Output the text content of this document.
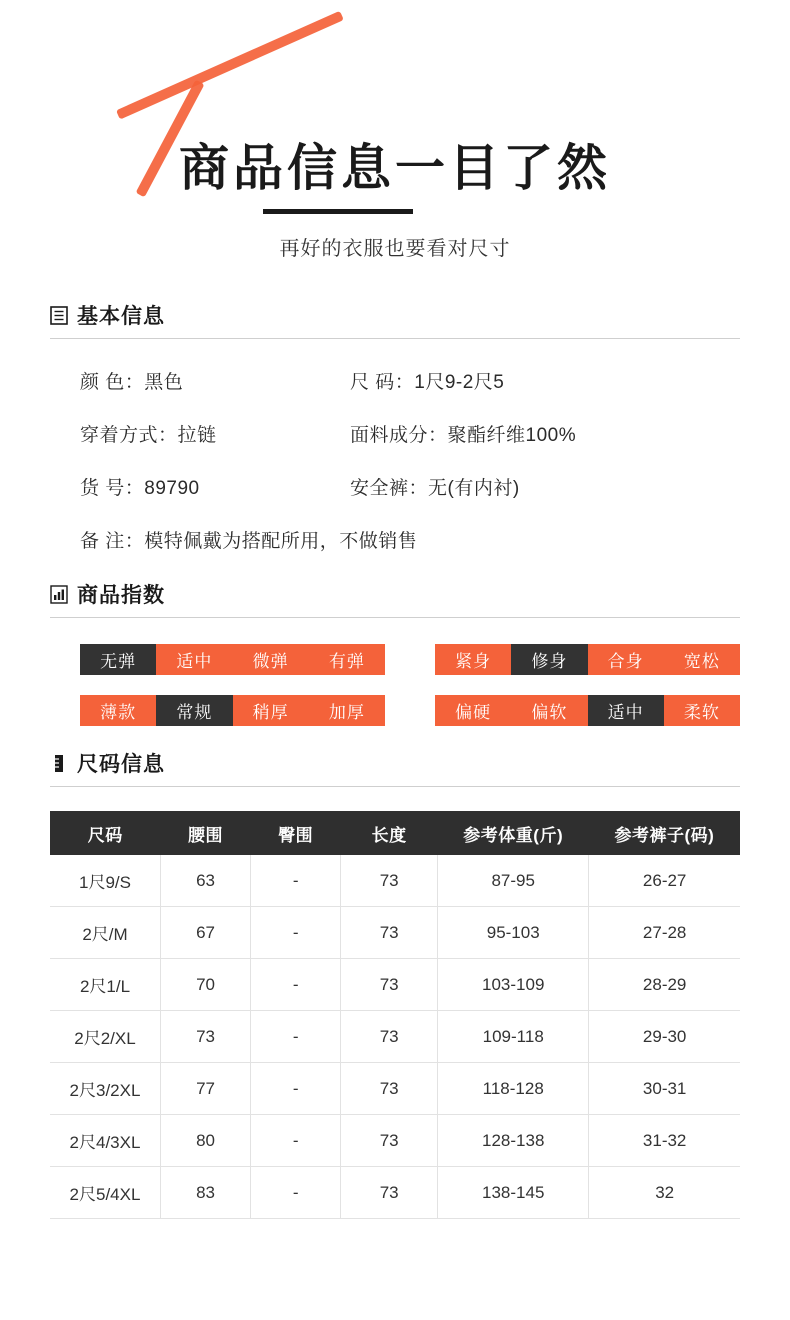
商品信息一目了然
再好的衣服也要看对尺寸
基本信息
颜 色：黑色	尺 码：1尺9-2尺5
穿着方式：拉链	面料成分：聚酯纤维100%
货 号：89790	安全裤：无(有内衬)
备 注：模特佩戴为搭配所用，不做销售
商品指数
无弹	适中	微弹	有弹	紧身	修身	合身	宽松
薄款	常规	稍厚	加厚	偏硬	偏软	适中	柔软
尺码信息
尺码	腰围	臀围	长度	参考体重(斤)	参考裤子(码)
1尺9/S	63	-	73	87-95	26-27
2尺/M	67	-	73	95-103	27-28
2尺1/L	70	-	73	103-109	28-29
2尺2/XL	73	-	73	109-118	29-30
2尺3/2XL	77	-	73	118-128	30-31
2尺4/3XL	80	-	73	128-138	31-32
2尺5/4XL	83	-	73	138-145	32
